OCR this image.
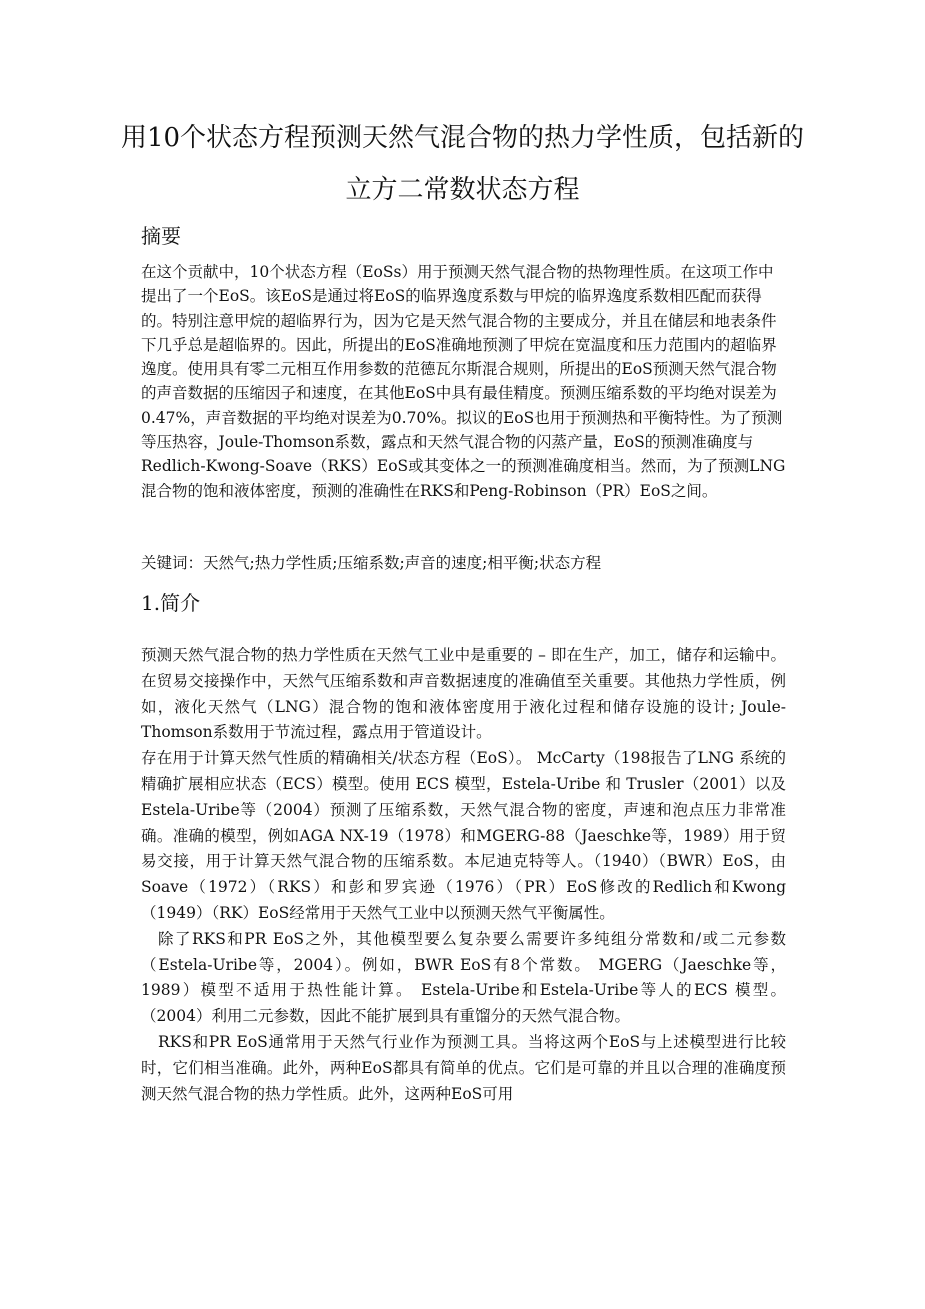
用10个状态方程预测天然气混合物的热力学性质，包括新的立方二常数状态方程
摘要

在这个贡献中，10个状态方程（EoSs）用于预测天然气混合物的热物理性质。在这项工作中提出了一个EoS。该EoS是通过将EoS的临界逸度系数与甲烷的临界逸度系数相匹配而获得的。特别注意甲烷的超临界行为，因为它是天然气混合物的主要成分，并且在储层和地表条件下几乎总是超临界的。因此，所提出的EoS准确地预测了甲烷在宽温度和压力范围内的超临界逸度。使用具有零二元相互作用参数的范德瓦尔斯混合规则，所提出的EoS预测天然气混合物的声音数据的压缩因子和速度，在其他EoS中具有最佳精度。预测压缩系数的平均绝对误差为0.47%，声音数据的平均绝对误差为0.70%。拟议的EoS也用于预测热和平衡特性。为了预测等压热容，Joule-Thomson系数，露点和天然气混合物的闪蒸产量，EoS的预测准确度与Redlich-Kwong-Soave（RKS）EoS或其变体之一的预测准确度相当。然而，为了预测LNG混合物的饱和液体密度，预测的准确性在RKS和Peng-Robinson（PR）EoS之间。

关键词：天然气;热力学性质;压缩系数;声音的速度;相平衡;状态方程
1.简介

预测天然气混合物的热力学性质在天然气工业中是重要的 – 即在生产，加工，储存和运输中。在贸易交接操作中，天然气压缩系数和声音数据速度的准确值至关重要。其他热力学性质，例如，液化天然气（LNG）混合物的饱和液体密度用于液化过程和储存设施的设计; Joule-Thomson系数用于节流过程，露点用于管道设计。

存在用于计算天然气性质的精确相关/状态方程（EoS）。 McCarty（198报告了LNG 系统的精确扩展相应状态（ECS）模型。使用 ECS 模型，Estela-Uribe 和 Trusler（2001）以及Estela-Uribe等（2004）预测了压缩系数，天然气混合物的密度，声速和泡点压力非常准确。准确的模型，例如AGA NX-19（1978）和MGERG-88（Jaeschke等，1989）用于贸易交接，用于计算天然气混合物的压缩系数。本尼迪克特等人。（1940）（BWR）EoS，由Soave（1972）（RKS）和彭和罗宾逊（1976）（PR）EoS修改的Redlich和Kwong（1949）（RK）EoS经常用于天然气工业中以预测天然气平衡属性。

除了RKS和PR EoS之外，其他模型要么复杂要么需要许多纯组分常数和/或二元参数（Estela-Uribe等，2004）。例如，BWR EoS有8个常数。 MGERG（Jaeschke等，1989）模型不适用于热性能计算。 Estela-Uribe和Estela-Uribe等人的ECS 模型。 （2004）利用二元参数，因此不能扩展到具有重馏分的天然气混合物。

RKS和PR EoS通常用于天然气行业作为预测工具。当将这两个EoS与上述模型进行比较时，它们相当准确。此外，两种EoS都具有简单的优点。它们是可靠的并且以合理的准确度预测天然气混合物的热力学性质。此外，这两种EoS可用
